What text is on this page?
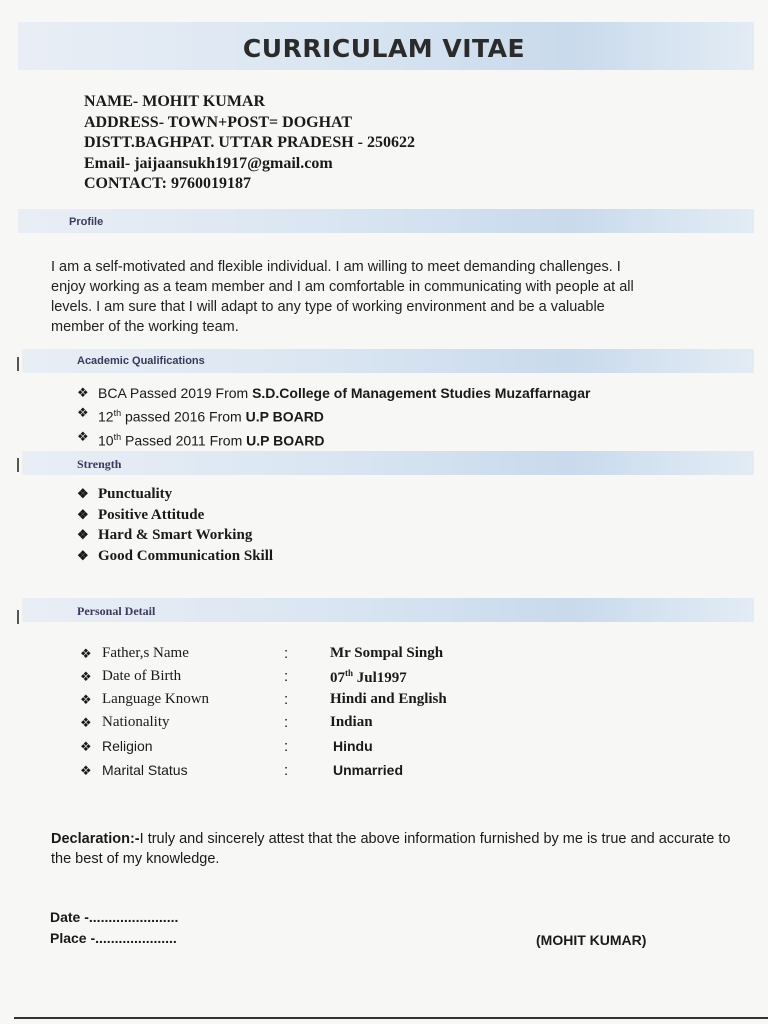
CURRICULAM VITAE
NAME- MOHIT KUMAR
ADDRESS- TOWN+POST= DOGHAT
DISTT.BAGHPAT. UTTAR PRADESH - 250622
Email- jaijaansukh1917@gmail.com
CONTACT: 9760019187
Profile
I am a self-motivated and flexible individual. I am willing to meet demanding challenges. I
enjoy working as a team member and I am comfortable in communicating with people at all
levels. I am sure that I will adapt to any type of working environment and be a valuable
member of the working team.
Academic Qualifications
❖ BCA Passed 2019 From S.D.College of Management Studies Muzaffarnagar
❖ 12th passed 2016 From U.P BOARD
❖ 10th Passed 2011 From U.P BOARD
Strength
❖ Punctuality
❖ Positive Attitude
❖ Hard & Smart Working
❖ Good Communication Skill
Personal Detail
❖ Father,s Name	:	Mr Sompal Singh
❖ Date of Birth	:	07th Jul1997
❖ Language Known	:	Hindi and English
❖ Nationality	:	Indian
❖ Religion	:	Hindu
❖ Marital Status	:	Unmarried
Declaration:-I truly and sincerely attest that the above information furnished by me is true and accurate to the best of my knowledge.
Date -.......................
Place -.....................	(MOHIT KUMAR)
